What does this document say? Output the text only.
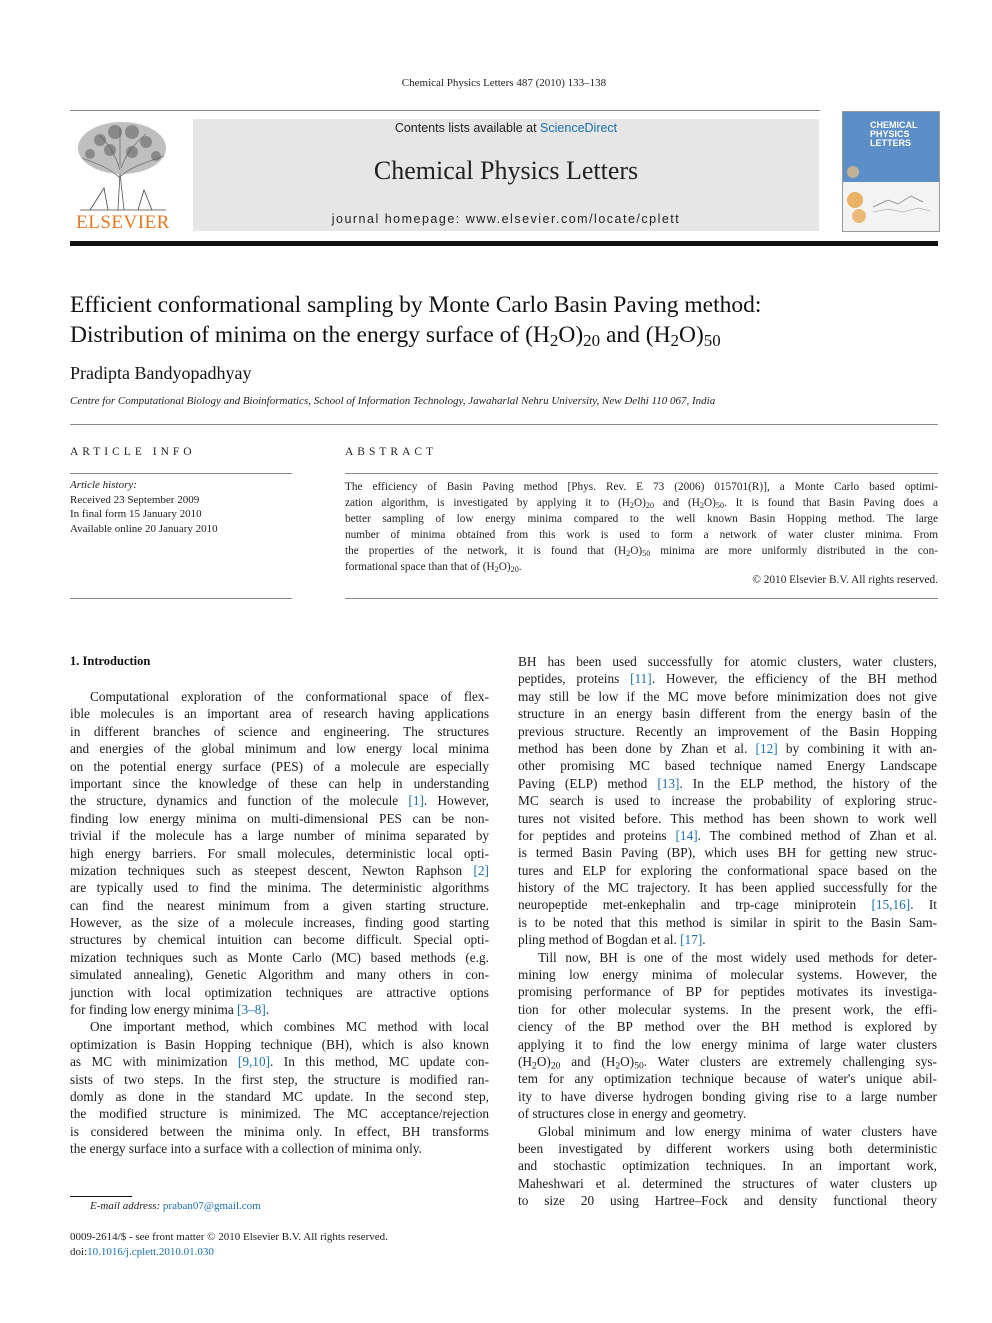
Chemical Physics Letters 487 (2010) 133–138
ELSEVIER
Contents lists available at ScienceDirect
Chemical Physics Letters
journal homepage: www.elsevier.com/locate/cplett
CHEMICAL
PHYSICS
LETTERS
Efficient conformational sampling by Monte Carlo Basin Paving method:
Distribution of minima on the energy surface of $(H_2O)_{20}$ and $(H_2O)_{50}$
Pradipta Bandyopadhyay
Centre for Computational Biology and Bioinformatics, School of Information Technology, Jawaharlal Nehru University, New Delhi 110 067, India
ARTICLE INFO	ABSTRACT
Article history:
Received 23 September 2009
In final form 15 January 2010
Available online 20 January 2010
The efficiency of Basin Paving method [Phys. Rev. E 73 (2006) 015701(R)], a Monte Carlo based optimi-
zation algorithm, is investigated by applying it to $(H_2O)_{20}$ and $(H_2O)_{50}$. It is found that Basin Paving does a
better sampling of low energy minima compared to the well known Basin Hopping method. The large
number of minima obtained from this work is used to form a network of water cluster minima. From
the properties of the network, it is found that $(H_2O)_{50}$ minima are more uniformly distributed in the con-
formational space than that of $(H_2O)_{20}$.
© 2010 Elsevier B.V. All rights reserved.
1. Introduction
Computational exploration of the conformational space of flex-
ible molecules is an important area of research having applications
in different branches of science and engineering. The structures
and energies of the global minimum and low energy local minima
on the potential energy surface (PES) of a molecule are especially
important since the knowledge of these can help in understanding
the structure, dynamics and function of the molecule [1]. However,
finding low energy minima on multi-dimensional PES can be non-
trivial if the molecule has a large number of minima separated by
high energy barriers. For small molecules, deterministic local opti-
mization techniques such as steepest descent, Newton Raphson [2]
are typically used to find the minima. The deterministic algorithms
can find the nearest minimum from a given starting structure.
However, as the size of a molecule increases, finding good starting
structures by chemical intuition can become difficult. Special opti-
mization techniques such as Monte Carlo (MC) based methods (e.g.
simulated annealing), Genetic Algorithm and many others in con-
junction with local optimization techniques are attractive options
for finding low energy minima [3–8].
One important method, which combines MC method with local
optimization is Basin Hopping technique (BH), which is also known
as MC with minimization [9,10]. In this method, MC update con-
sists of two steps. In the first step, the structure is modified ran-
domly as done in the standard MC update. In the second step,
the modified structure is minimized. The MC acceptance/rejection
is considered between the minima only. In effect, BH transforms
the energy surface into a surface with a collection of minima only.
BH has been used successfully for atomic clusters, water clusters,
peptides, proteins [11]. However, the efficiency of the BH method
may still be low if the MC move before minimization does not give
structure in an energy basin different from the energy basin of the
previous structure. Recently an improvement of the Basin Hopping
method has been done by Zhan et al. [12] by combining it with an-
other promising MC based technique named Energy Landscape
Paving (ELP) method [13]. In the ELP method, the history of the
MC search is used to increase the probability of exploring struc-
tures not visited before. This method has been shown to work well
for peptides and proteins [14]. The combined method of Zhan et al.
is termed Basin Paving (BP), which uses BH for getting new struc-
tures and ELP for exploring the conformational space based on the
history of the MC trajectory. It has been applied successfully for the
neuropeptide met-enkephalin and trp-cage miniprotein [15,16]. It
is to be noted that this method is similar in spirit to the Basin Sam-
pling method of Bogdan et al. [17].
Till now, BH is one of the most widely used methods for deter-
mining low energy minima of molecular systems. However, the
promising performance of BP for peptides motivates its investiga-
tion for other molecular systems. In the present work, the effi-
ciency of the BP method over the BH method is explored by
applying it to find the low energy minima of large water clusters
$(H_2O)_{20}$ and $(H_2O)_{50}$. Water clusters are extremely challenging sys-
tem for any optimization technique because of water's unique abil-
ity to have diverse hydrogen bonding giving rise to a large number
of structures close in energy and geometry.
Global minimum and low energy minima of water clusters have
been investigated by different workers using both deterministic
and stochastic optimization techniques. In an important work,
Maheshwari et al. determined the structures of water clusters up
to size 20 using Hartree–Fock and density functional theory
E-mail address: praban07@gmail.com
0009-2614/$ - see front matter © 2010 Elsevier B.V. All rights reserved.
doi:10.1016/j.cplett.2010.01.030
